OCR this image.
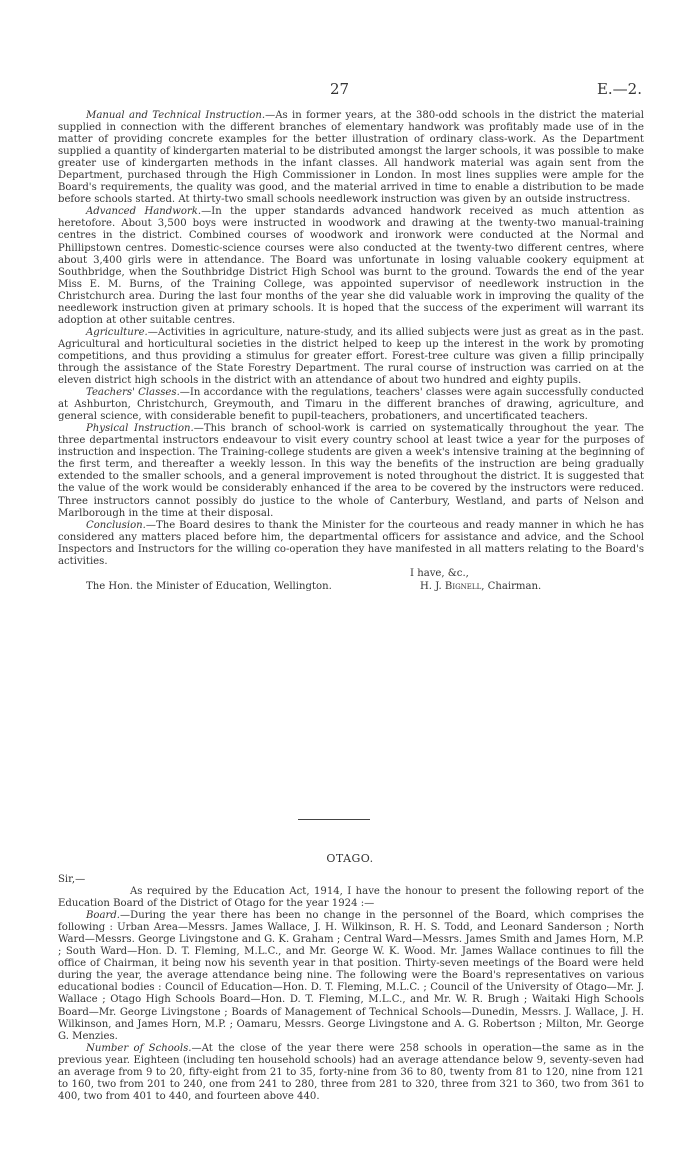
27	E.—2.

Manual and Technical Instruction.—As in former years, at the 380-odd schools in the district the material supplied in connection with the different branches of elementary handwork was profitably made use of in the matter of providing concrete examples for the better illustration of ordinary class-work. As the Department supplied a quantity of kindergarten material to be distributed amongst the larger schools, it was possible to make greater use of kindergarten methods in the infant classes. All handwork material was again sent from the Department, purchased through the High Commissioner in London. In most lines supplies were ample for the Board's requirements, the quality was good, and the material arrived in time to enable a distribution to be made before schools started. At thirty-two small schools needlework instruction was given by an outside instructress.

Advanced Handwork.—In the upper standards advanced handwork received as much attention as heretofore. About 3,500 boys were instructed in woodwork and drawing at the twenty-two manual-training centres in the district. Combined courses of woodwork and ironwork were conducted at the Normal and Phillipstown centres. Domestic-science courses were also conducted at the twenty-two different centres, where about 3,400 girls were in attendance. The Board was unfortunate in losing valuable cookery equipment at Southbridge, when the Southbridge District High School was burnt to the ground. Towards the end of the year Miss E. M. Burns, of the Training College, was appointed supervisor of needlework instruction in the Christchurch area. During the last four months of the year she did valuable work in improving the quality of the needlework instruction given at primary schools. It is hoped that the success of the experiment will warrant its adoption at other suitable centres.

Agriculture.—Activities in agriculture, nature-study, and its allied subjects were just as great as in the past. Agricultural and horticultural societies in the district helped to keep up the interest in the work by promoting competitions, and thus providing a stimulus for greater effort. Forest-tree culture was given a fillip principally through the assistance of the State Forestry Department. The rural course of instruction was carried on at the eleven district high schools in the district with an attendance of about two hundred and eighty pupils.

Teachers' Classes.—In accordance with the regulations, teachers' classes were again successfully conducted at Ashburton, Christchurch, Greymouth, and Timaru in the different branches of drawing, agriculture, and general science, with considerable benefit to pupil-teachers, probationers, and uncertificated teachers.

Physical Instruction.—This branch of school-work is carried on systematically throughout the year. The three departmental instructors endeavour to visit every country school at least twice a year for the purposes of instruction and inspection. The Training-college students are given a week's intensive training at the beginning of the first term, and thereafter a weekly lesson. In this way the benefits of the instruction are being gradually extended to the smaller schools, and a general improvement is noted throughout the district. It is suggested that the value of the work would be considerably enhanced if the area to be covered by the instructors were reduced. Three instructors cannot possibly do justice to the whole of Canterbury, Westland, and parts of Nelson and Marlborough in the time at their disposal.

Conclusion.—The Board desires to thank the Minister for the courteous and ready manner in which he has considered any matters placed before him, the departmental officers for assistance and advice, and the School Inspectors and Instructors for the willing co-operation they have manifested in all matters relating to the Board's activities.

I have, &c.,
The Hon. the Minister of Education, Wellington.	H. J. Bignell, Chairman.
OTAGO.

Sir,—

As required by the Education Act, 1914, I have the honour to present the following report of the Education Board of the District of Otago for the year 1924 :—

Board.—During the year there has been no change in the personnel of the Board, which comprises the following : Urban Area—Messrs. James Wallace, J. H. Wilkinson, R. H. S. Todd, and Leonard Sanderson ; North Ward—Messrs. George Livingstone and G. K. Graham ; Central Ward—Messrs. James Smith and James Horn, M.P. ; South Ward—Hon. D. T. Fleming, M.L.C., and Mr. George W. K. Wood. Mr. James Wallace continues to fill the office of Chairman, it being now his seventh year in that position. Thirty-seven meetings of the Board were held during the year, the average attendance being nine. The following were the Board's representatives on various educational bodies : Council of Education—Hon. D. T. Fleming, M.L.C. ; Council of the University of Otago—Mr. J. Wallace ; Otago High Schools Board—Hon. D. T. Fleming, M.L.C., and Mr. W. R. Brugh ; Waitaki High Schools Board—Mr. George Livingstone ; Boards of Management of Technical Schools—Dunedin, Messrs. J. Wallace, J. H. Wilkinson, and James Horn, M.P. ; Oamaru, Messrs. George Livingstone and A. G. Robertson ; Milton, Mr. George G. Menzies.

Number of Schools.—At the close of the year there were 258 schools in operation—the same as in the previous year. Eighteen (including ten household schools) had an average attendance below 9, seventy-seven had an average from 9 to 20, fifty-eight from 21 to 35, forty-nine from 36 to 80, twenty from 81 to 120, nine from 121 to 160, two from 201 to 240, one from 241 to 280, three from 281 to 320, three from 321 to 360, two from 361 to 400, two from 401 to 440, and fourteen above 440.
